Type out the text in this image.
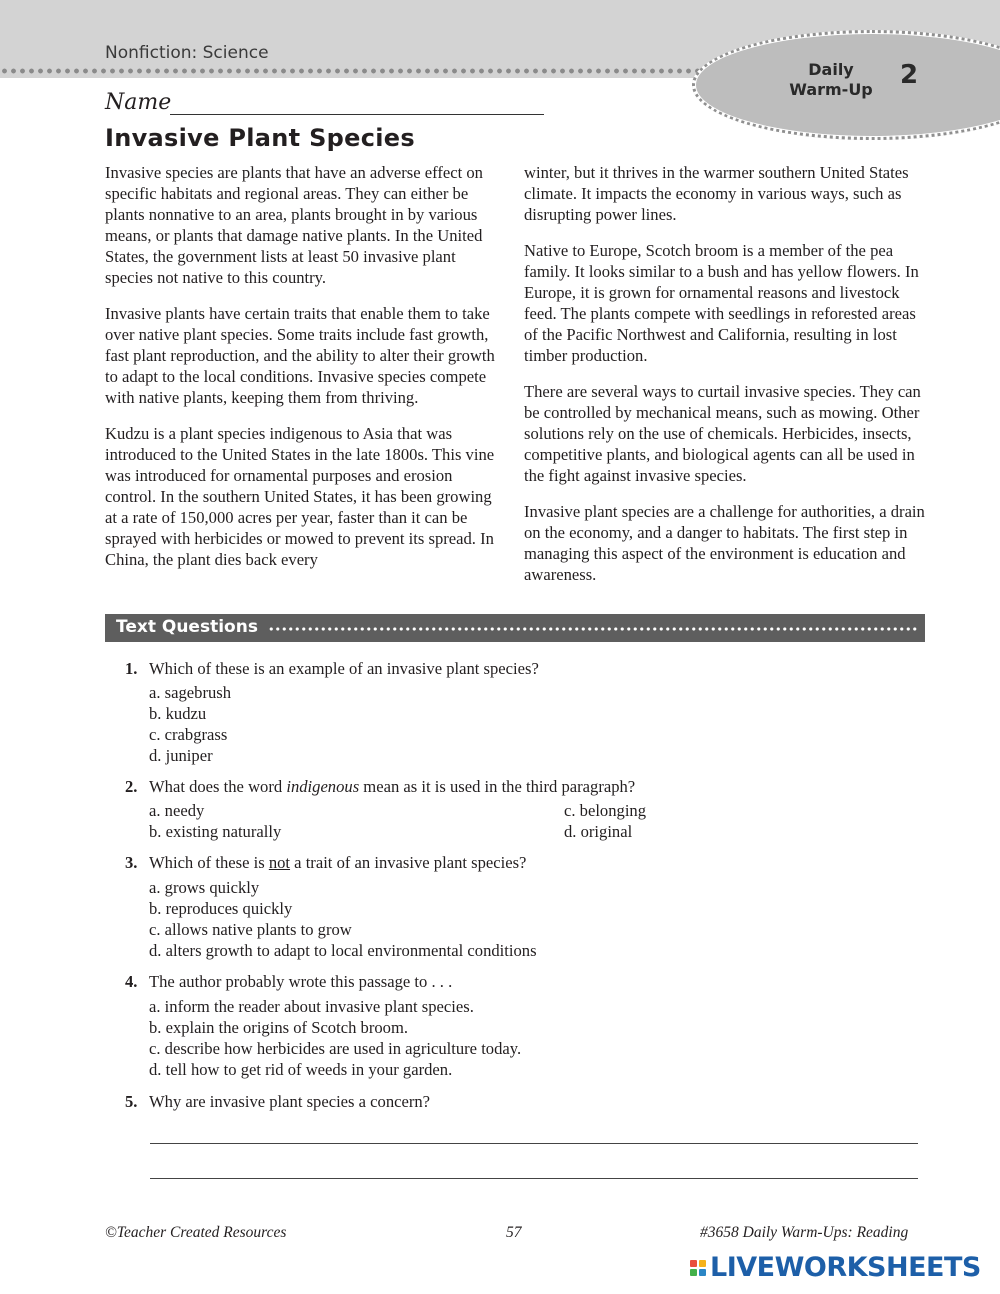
Nonfiction: Science
Daily
Warm-Up 2
Name
Invasive Plant Species

Invasive species are plants that have an adverse effect on specific habitats and regional areas. They can either be plants nonnative to an area, plants brought in by various means, or plants that damage native plants. In the United States, the government lists at least 50 invasive plant species not native to this country.

Invasive plants have certain traits that enable them to take over native plant species. Some traits include fast growth, fast plant reproduction, and the ability to alter their growth to adapt to the local conditions. Invasive species compete with native plants, keeping them from thriving.

Kudzu is a plant species indigenous to Asia that was introduced to the United States in the late 1800s. This vine was introduced for ornamental purposes and erosion control. In the southern United States, it has been growing at a rate of 150,000 acres per year, faster than it can be sprayed with herbicides or mowed to prevent its spread. In China, the plant dies back every

winter, but it thrives in the warmer southern United States climate. It impacts the economy in various ways, such as disrupting power lines.

Native to Europe, Scotch broom is a member of the pea family. It looks similar to a bush and has yellow flowers. In Europe, it is grown for ornamental reasons and livestock feed. The plants compete with seedlings in reforested areas of the Pacific Northwest and California, resulting in lost timber production.

There are several ways to curtail invasive species. They can be controlled by mechanical means, such as mowing. Other solutions rely on the use of chemicals. Herbicides, insects, competitive plants, and biological agents can all be used in the fight against invasive species.

Invasive plant species are a challenge for authorities, a drain on the economy, and a danger to habitats. The first step in managing this aspect of the environment is education and awareness.

Text Questions
1. Which of these is an example of an invasive plant species?
a. sagebrush
b. kudzu
c. crabgrass
d. juniper
2. What does the word indigenous mean as it is used in the third paragraph?
a. needy
b. existing naturally
c. belonging
d. original
3. Which of these is not a trait of an invasive plant species?
a. grows quickly
b. reproduces quickly
c. allows native plants to grow
d. alters growth to adapt to local environmental conditions
4. The author probably wrote this passage to . . .
a. inform the reader about invasive plant species.
b. explain the origins of Scotch broom.
c. describe how herbicides are used in agriculture today.
d. tell how to get rid of weeds in your garden.
5. Why are invasive plant species a concern?
©Teacher Created Resources	57	#3658 Daily Warm-Ups: Reading
LIVEWORKSHEETS
